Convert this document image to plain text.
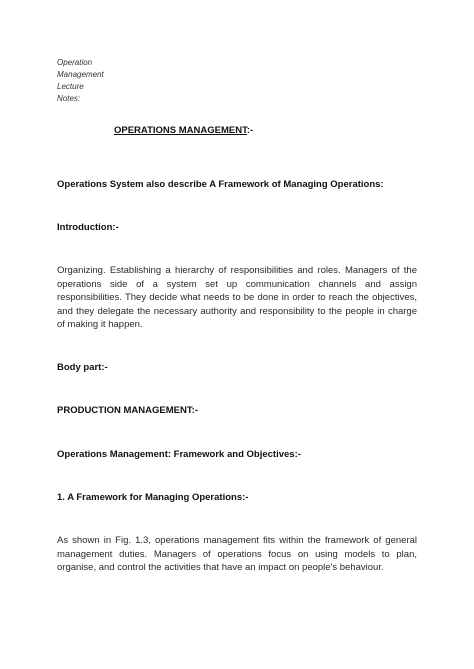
Operation
Management
Lecture
Notes:
OPERATIONS MANAGEMENT:-
Operations System also describe A Framework of Managing Operations:
Introduction:-
Organizing. Establishing a hierarchy of responsibilities and roles. Managers of the
operations side of a system set up communication channels and assign
responsibilities. They decide what needs to be done in order to reach the objectives,
and they delegate the necessary authority and responsibility to the people in charge
of making it happen.
Body part:-
PRODUCTION MANAGEMENT:-
Operations Management: Framework and Objectives:-
1. A Framework for Managing Operations:-
As shown in Fig. 1.3, operations management fits within the framework of general
management duties. Managers of operations focus on using models to plan,
organise, and control the activities that have an impact on people's behaviour.
